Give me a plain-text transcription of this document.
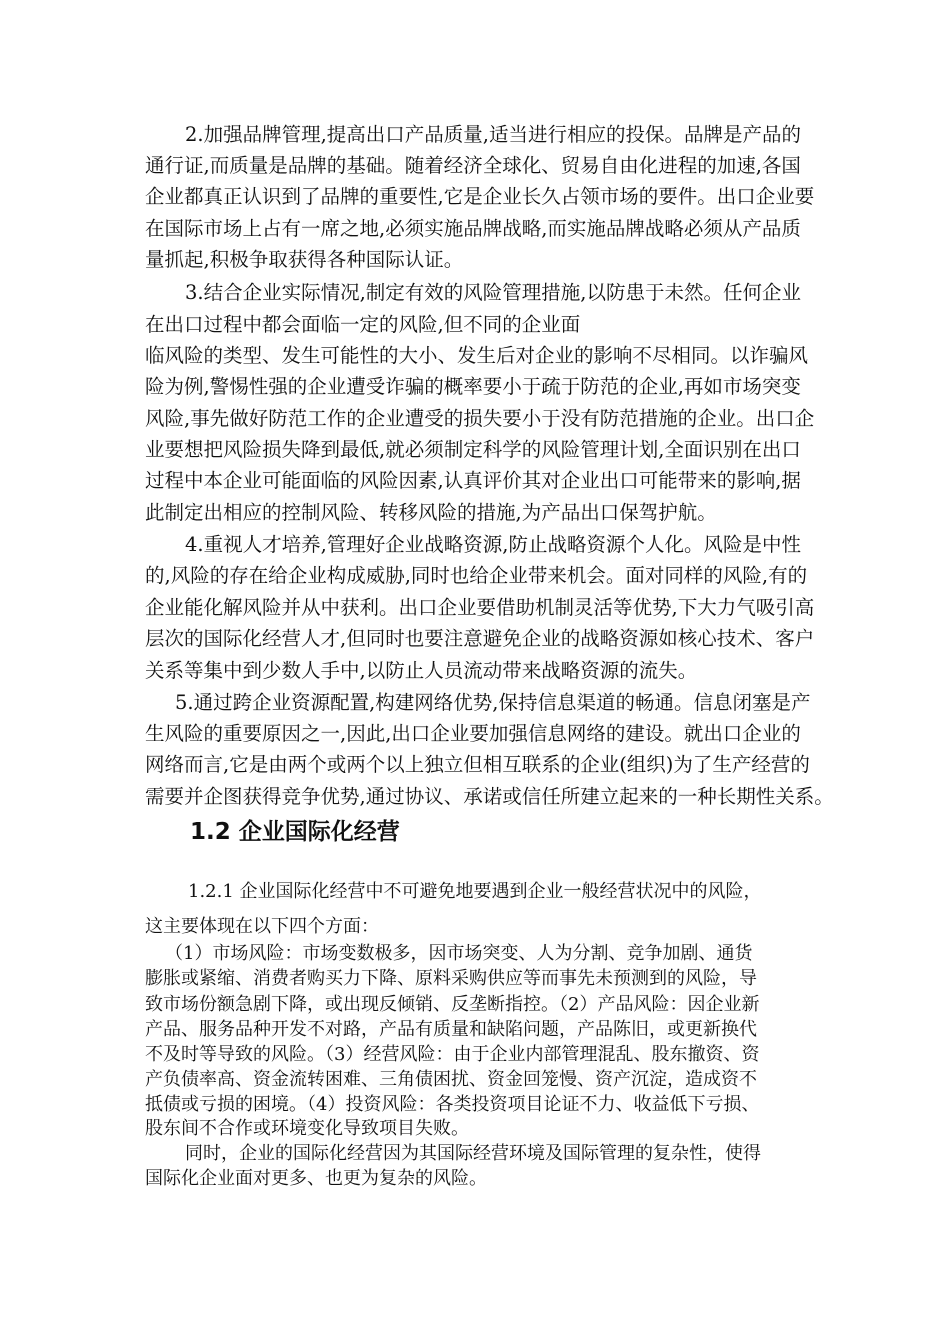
2.加强品牌管理,提高出口产品质量,适当进行相应的投保。品牌是产品的
通行证,而质量是品牌的基础。随着经济全球化、贸易自由化进程的加速,各国
企业都真正认识到了品牌的重要性,它是企业长久占领市场的要件。出口企业要
在国际市场上占有一席之地,必须实施品牌战略,而实施品牌战略必须从产品质
量抓起,积极争取获得各种国际认证。
3.结合企业实际情况,制定有效的风险管理措施,以防患于未然。任何企业
在出口过程中都会面临一定的风险,但不同的企业面
临风险的类型、发生可能性的大小、发生后对企业的影响不尽相同。以诈骗风
险为例,警惕性强的企业遭受诈骗的概率要小于疏于防范的企业,再如市场突变
风险,事先做好防范工作的企业遭受的损失要小于没有防范措施的企业。出口企
业要想把风险损失降到最低,就必须制定科学的风险管理计划,全面识别在出口
过程中本企业可能面临的风险因素,认真评价其对企业出口可能带来的影响,据
此制定出相应的控制风险、转移风险的措施,为产品出口保驾护航。
4.重视人才培养,管理好企业战略资源,防止战略资源个人化。风险是中性
的,风险的存在给企业构成威胁,同时也给企业带来机会。面对同样的风险,有的
企业能化解风险并从中获利。出口企业要借助机制灵活等优势,下大力气吸引高
层次的国际化经营人才,但同时也要注意避免企业的战略资源如核心技术、客户
关系等集中到少数人手中,以防止人员流动带来战略资源的流失。
5.通过跨企业资源配置,构建网络优势,保持信息渠道的畅通。信息闭塞是产
生风险的重要原因之一,因此,出口企业要加强信息网络的建设。就出口企业的
网络而言,它是由两个或两个以上独立但相互联系的企业(组织)为了生产经营的
需要并企图获得竞争优势,通过协议、承诺或信任所建立起来的一种长期性关系。
1.2 企业国际化经营
1.2.1 企业国际化经营中不可避免地要遇到企业一般经营状况中的风险，
这主要体现在以下四个方面：
（1）市场风险：市场变数极多，因市场突变、人为分割、竞争加剧、通货
膨胀或紧缩、消费者购买力下降、原料采购供应等而事先未预测到的风险，导
致市场份额急剧下降，或出现反倾销、反垄断指控。（2）产品风险：因企业新
产品、服务品种开发不对路，产品有质量和缺陷问题，产品陈旧，或更新换代
不及时等导致的风险。（3）经营风险：由于企业内部管理混乱、股东撤资、资
产负债率高、资金流转困难、三角债困扰、资金回笼慢、资产沉淀，造成资不
抵债或亏损的困境。（4）投资风险：各类投资项目论证不力、收益低下亏损、
股东间不合作或环境变化导致项目失败。
同时，企业的国际化经营因为其国际经营环境及国际管理的复杂性，使得
国际化企业面对更多、也更为复杂的风险。
